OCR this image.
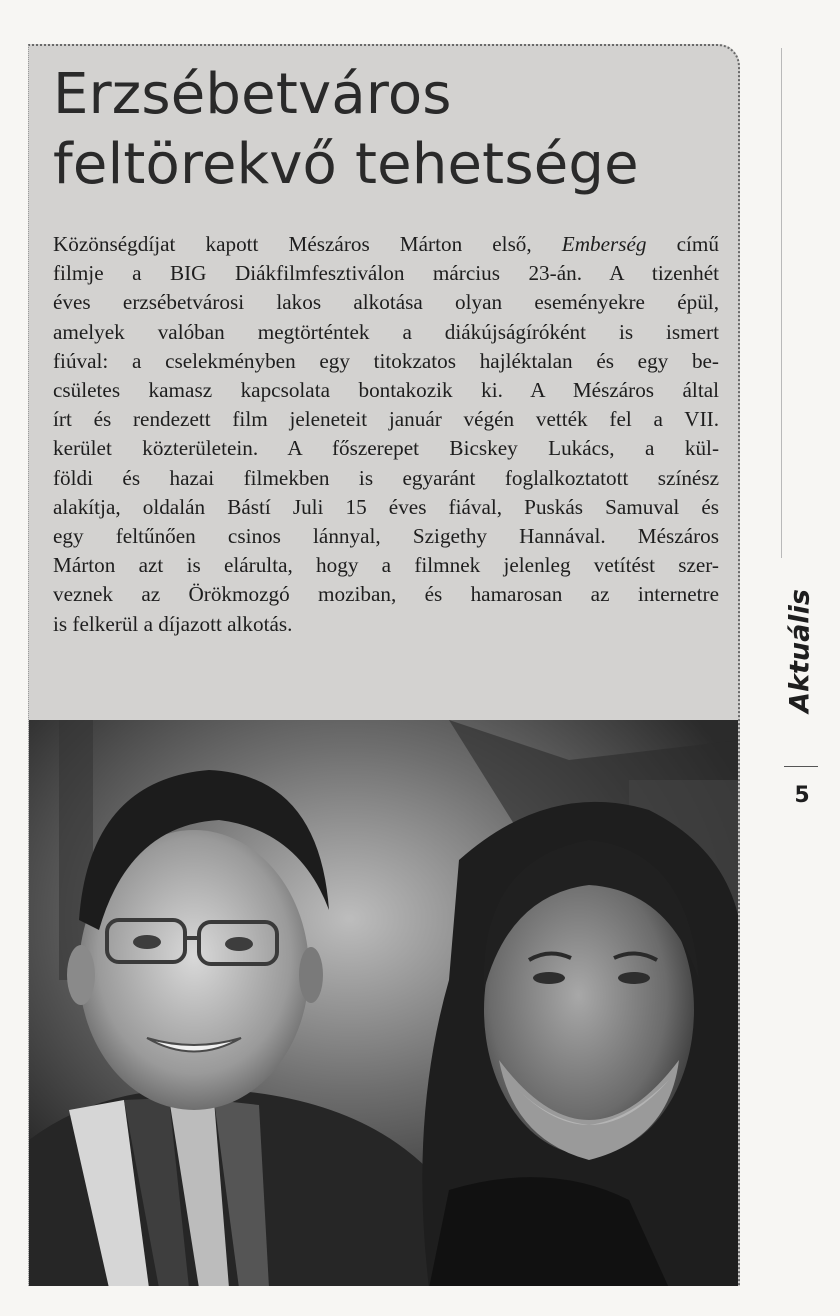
Erzsébetváros
feltörekvő tehetsége
Közönségdíjat kapott Mészáros Márton első, Emberség című
filmje a BIG Diákfilmfesztiválon március 23-án. A tizenhét
éves erzsébetvárosi lakos alkotása olyan eseményekre épül,
amelyek valóban megtörténtek a diákújságíróként is ismert
fiúval: a cselekményben egy titokzatos hajléktalan és egy be-
csületes kamasz kapcsolata bontakozik ki. A Mészáros által
írt és rendezett film jeleneteit január végén vették fel a VII.
kerület közterületein. A főszerepet Bicskey Lukács, a kül-
földi és hazai filmekben is egyaránt foglalkoztatott színész
alakítja, oldalán Bástí Juli 15 éves fiával, Puskás Samuval és
egy feltűnően csinos lánnyal, Szigethy Hannával. Mészáros
Márton azt is elárulta, hogy a filmnek jelenleg vetítést szer-
veznek az Örökmozgó moziban, és hamarosan az internetre
is felkerül a díjazott alkotás.	Aktuális
5
